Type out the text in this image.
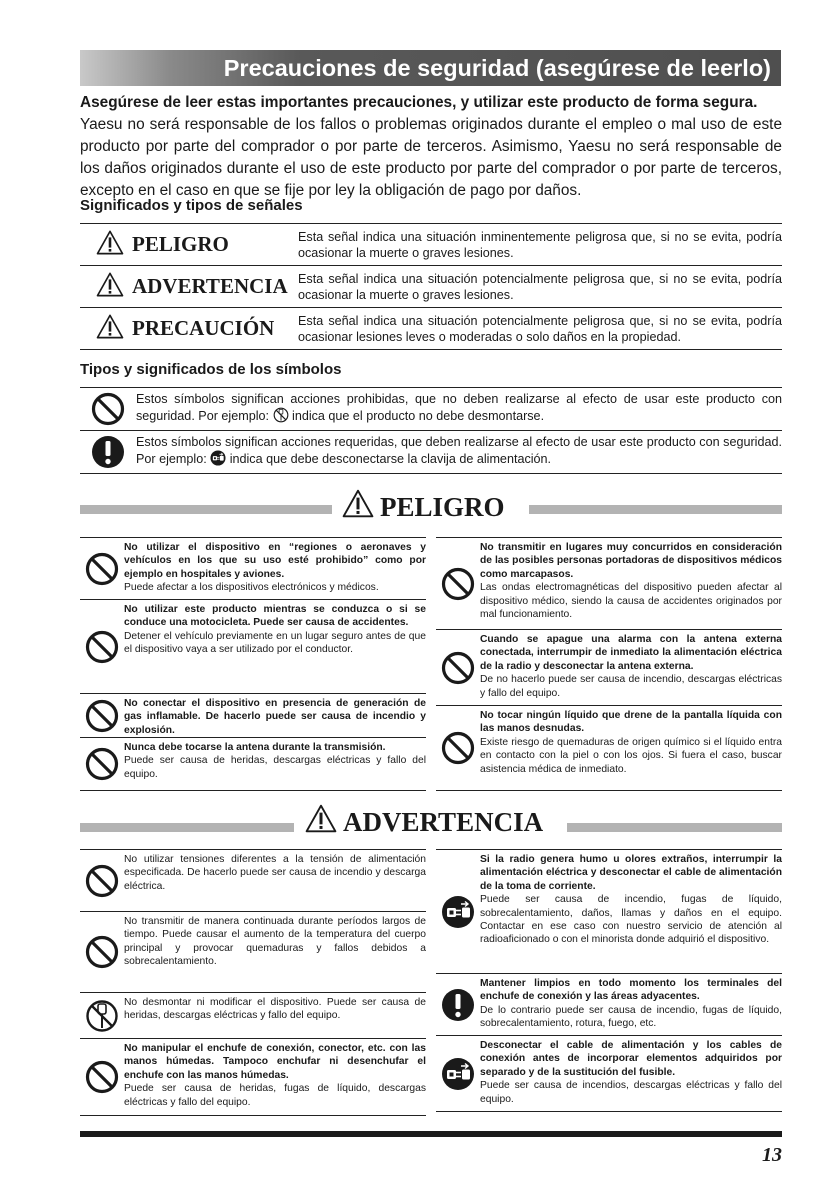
Precauciones de seguridad (asegúrese de leerlo)
Asegúrese de leer estas importantes precauciones, y utilizar este producto de forma segura.
Yaesu no será responsable de los fallos o problemas originados durante el empleo o mal uso de este producto por parte del comprador o por parte de terceros. Asimismo, Yaesu no será responsable de los daños originados durante el uso de este producto por parte del comprador o por parte de terceros, excepto en el caso en que se fije por ley la obligación de pago por daños.
Significados y tipos de señales
PELIGRO	Esta señal indica una situación inminentemente peligrosa que, si no se evita, podría ocasionar la muerte o graves lesiones.
ADVERTENCIA Esta señal indica una situación potencialmente peligrosa que, si no se evita, podría ocasionar la muerte o graves lesiones.
PRECAUCIÓN Esta señal indica una situación potencialmente peligrosa que, si no se evita, podría ocasionar lesiones leves o moderadas o solo daños en la propiedad.
Tipos y significados de los símbolos
Estos símbolos significan acciones prohibidas, que no deben realizarse al efecto de usar este producto con seguridad. Por ejemplo: indica que el producto no debe desmontarse.
Estos símbolos significan acciones requeridas, que deben realizarse al efecto de usar este producto con seguridad. Por ejemplo: indica que debe desconectarse la clavija de alimentación.
PELIGRO
No utilizar el dispositivo en “regiones o aeronaves y vehículos en los que su uso esté prohibido” como por ejemplo en hospitales y aviones.
Puede afectar a los dispositivos electrónicos y médicos.
No utilizar este producto mientras se conduzca o si se conduce una motocicleta. Puede ser causa de accidentes.
Detener el vehículo previamente en un lugar seguro antes de que el dispositivo vaya a ser utilizado por el conductor.
No conectar el dispositivo en presencia de generación de gas inflamable. De hacerlo puede ser causa de incendio y explosión.
Nunca debe tocarse la antena durante la transmisión.
Puede ser causa de heridas, descargas eléctricas y fallo del equipo.
No transmitir en lugares muy concurridos en consideración de las posibles personas portadoras de dispositivos médicos como marcapasos.
Las ondas electromagnéticas del dispositivo pueden afectar al dispositivo médico, siendo la causa de accidentes originados por mal funcionamiento.
Cuando se apague una alarma con la antena externa conectada, interrumpir de inmediato la alimentación eléctrica de la radio y desconectar la antena externa.
De no hacerlo puede ser causa de incendio, descargas eléctricas y fallo del equipo.
No tocar ningún líquido que drene de la pantalla líquida con las manos desnudas.
Existe riesgo de quemaduras de origen químico si el líquido entra en contacto con la piel o con los ojos. Si fuera el caso, buscar asistencia médica de inmediato.
ADVERTENCIA
No utilizar tensiones diferentes a la tensión de alimentación especificada. De hacerlo puede ser causa de incendio y descarga eléctrica.
No transmitir de manera continuada durante períodos largos de tiempo. Puede causar el aumento de la temperatura del cuerpo principal y provocar quemaduras y fallos debidos a sobrecalentamiento.
No desmontar ni modificar el dispositivo. Puede ser causa de heridas, descargas eléctricas y fallo del equipo.
No manipular el enchufe de conexión, conector, etc. con las manos húmedas. Tampoco enchufar ni desenchufar el enchufe con las manos húmedas.
Puede ser causa de heridas, fugas de líquido, descargas eléctricas y fallo del equipo.
Si la radio genera humo u olores extraños, interrumpir la alimentación eléctrica y desconectar el cable de alimentación de la toma de corriente.
Puede ser causa de incendio, fugas de líquido, sobrecalentamiento, daños, llamas y daños en el equipo. Contactar en ese caso con nuestro servicio de atención al radioaficionado o con el minorista donde adquirió el dispositivo.
Mantener limpios en todo momento los terminales del enchufe de conexión y las áreas adyacentes.
De lo contrario puede ser causa de incendio, fugas de líquido, sobrecalentamiento, rotura, fuego, etc.
Desconectar el cable de alimentación y los cables de conexión antes de incorporar elementos adquiridos por separado y de la sustitución del fusible.
Puede ser causa de incendios, descargas eléctricas y fallo del equipo.
13
